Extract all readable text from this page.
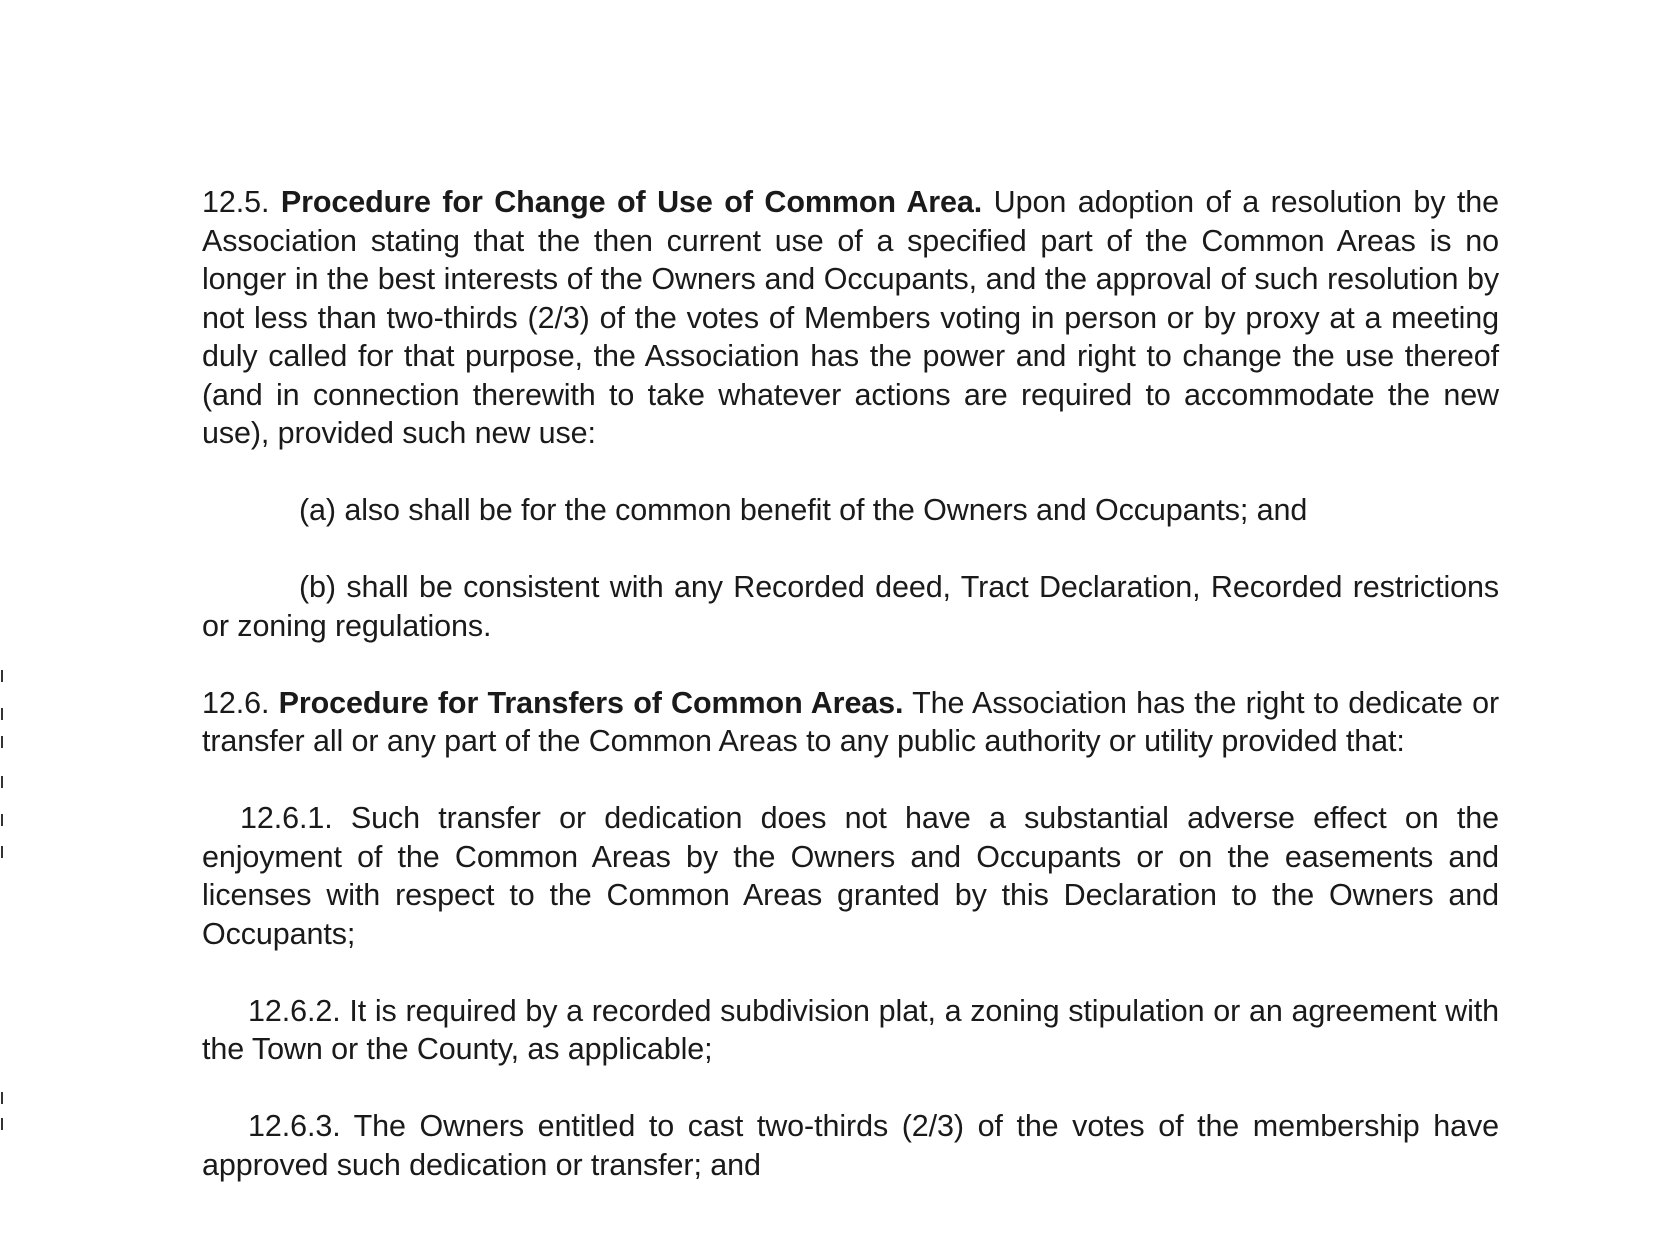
12.5. Procedure for Change of Use of Common Area. Upon adoption of a resolution by the Association stating that the then current use of a specified part of the Common Areas is no longer in the best interests of the Owners and Occupants, and the approval of such resolution by not less than two-thirds (2/3) of the votes of Members voting in person or by proxy at a meeting duly called for that purpose, the Association has the power and right to change the use thereof (and in connection therewith to take whatever actions are required to accommodate the new use), provided such new use:

(a) also shall be for the common benefit of the Owners and Occupants; and

(b) shall be consistent with any Recorded deed, Tract Declaration, Recorded restrictions or zoning regulations.

12.6. Procedure for Transfers of Common Areas. The Association has the right to dedicate or transfer all or any part of the Common Areas to any public authority or utility provided that:

12.6.1. Such transfer or dedication does not have a substantial adverse effect on the enjoyment of the Common Areas by the Owners and Occupants or on the easements and licenses with respect to the Common Areas granted by this Declaration to the Owners and Occupants;

12.6.2. It is required by a recorded subdivision plat, a zoning stipulation or an agreement with the Town or the County, as applicable;

12.6.3. The Owners entitled to cast two-thirds (2/3) of the votes of the membership have approved such dedication or transfer; and
